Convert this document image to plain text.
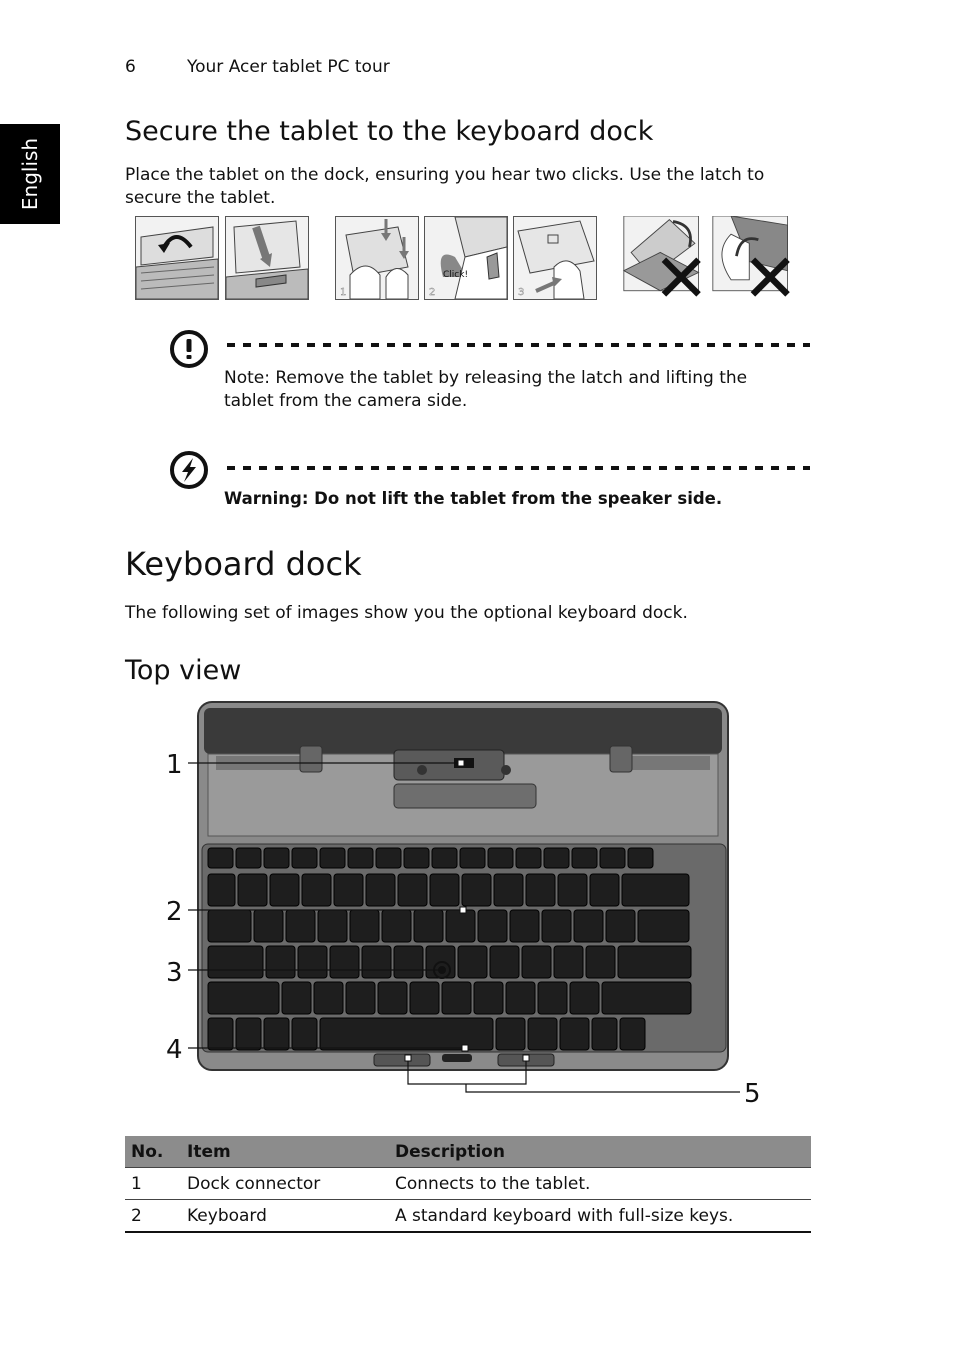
6	Your Acer tablet PC tour
English
Secure the tablet to the keyboard dock
Place the tablet on the dock, ensuring you hear two clicks. Use the latch to
secure the tablet.
1
Click!
2	3
Note: Remove the tablet by releasing the latch and lifting the
tablet from the camera side.
Warning: Do not lift the tablet from the speaker side.
Keyboard dock
The following set of images show you the optional keyboard dock.
Top view
1
2
3
4
5
No.	Item	Description
1	Dock connector	Connects to the tablet.
2	Keyboard	A standard keyboard with full-size keys.
